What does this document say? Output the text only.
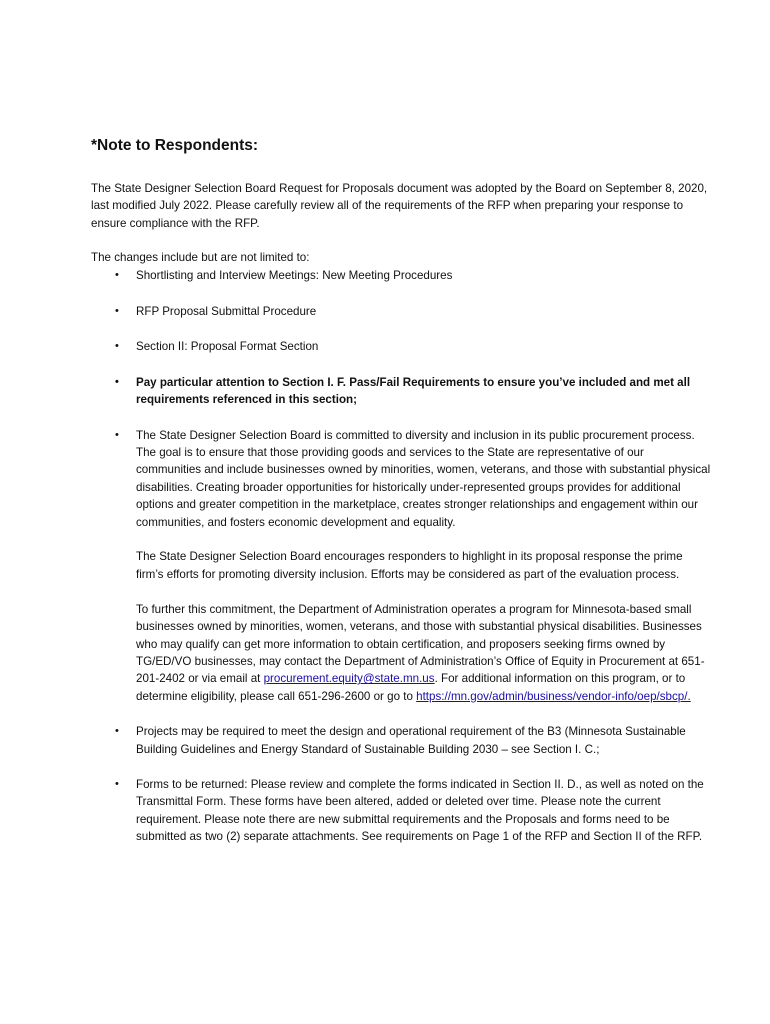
*Note to Respondents:

The State Designer Selection Board Request for Proposals document was adopted by the Board on September 8, 2020, last modified July 2022. Please carefully review all of the requirements of the RFP when preparing your response to ensure compliance with the RFP.

The changes include but are not limited to:

• Shortlisting and Interview Meetings: New Meeting Procedures
• RFP Proposal Submittal Procedure
• Section II: Proposal Format Section
• Pay particular attention to Section I. F. Pass/Fail Requirements to ensure you’ve included and met all requirements referenced in this section;
• The State Designer Selection Board is committed to diversity and inclusion in its public procurement process. The goal is to ensure that those providing goods and services to the State are representative of our communities and include businesses owned by minorities, women, veterans, and those with substantial physical disabilities. Creating broader opportunities for historically under-represented groups provides for additional options and greater competition in the marketplace, creates stronger relationships and engagement within our communities, and fosters economic development and equality.

The State Designer Selection Board encourages responders to highlight in its proposal response the prime firm’s efforts for promoting diversity inclusion. Efforts may be considered as part of the evaluation process.

To further this commitment, the Department of Administration operates a program for Minnesota-based small businesses owned by minorities, women, veterans, and those with substantial physical disabilities. Businesses who may qualify can get more information to obtain certification, and proposers seeking firms owned by TG/ED/VO businesses, may contact the Department of Administration’s Office of Equity in Procurement at 651-201-2402 or via email at procurement.equity@state.mn.us. For additional information on this program, or to determine eligibility, please call 651-296-2600 or go to https://mn.gov/admin/business/vendor-info/oep/sbcp/.

• Projects may be required to meet the design and operational requirement of the B3 (Minnesota Sustainable Building Guidelines and Energy Standard of Sustainable Building 2030 – see Section I. C.;
• Forms to be returned: Please review and complete the forms indicated in Section II. D., as well as noted on the Transmittal Form. These forms have been altered, added or deleted over time. Please note the current requirement. Please note there are new submittal requirements and the Proposals and forms need to be submitted as two (2) separate attachments. See requirements on Page 1 of the RFP and Section II of the RFP.
